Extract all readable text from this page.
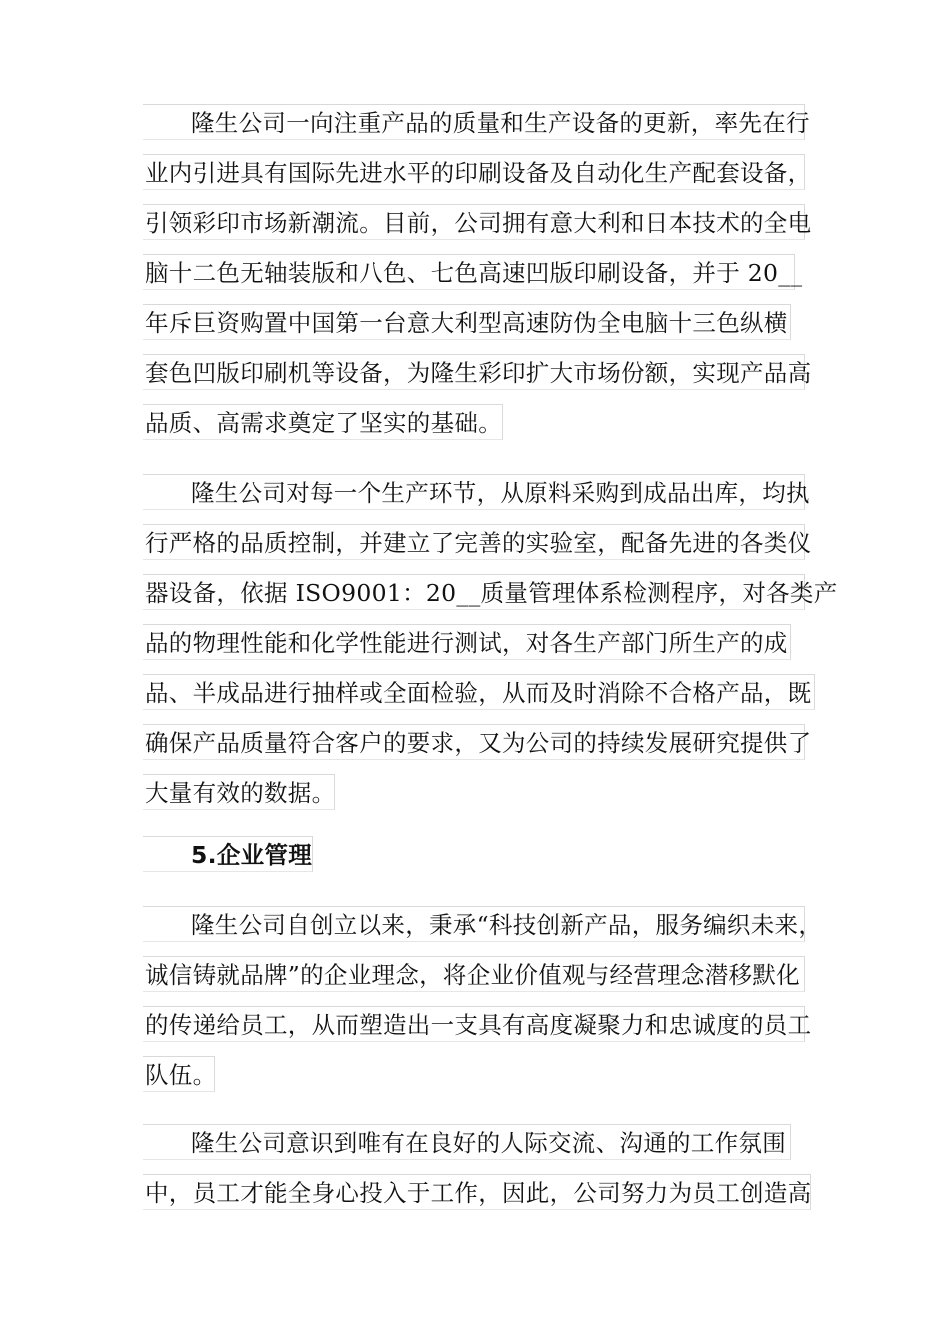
隆生公司一向注重产品的质量和生产设备的更新，率先在行
业内引进具有国际先进水平的印刷设备及自动化生产配套设备，
引领彩印市场新潮流。目前，公司拥有意大利和日本技术的全电
脑十二色无轴装版和八色、七色高速凹版印刷设备，并于 20__
年斥巨资购置中国第一台意大利型高速防伪全电脑十三色纵横
套色凹版印刷机等设备，为隆生彩印扩大市场份额，实现产品高
品质、高需求奠定了坚实的基础。
隆生公司对每一个生产环节，从原料采购到成品出库，均执
行严格的品质控制，并建立了完善的实验室，配备先进的各类仪
器设备，依据 ISO9001：20__质量管理体系检测程序，对各类产
品的物理性能和化学性能进行测试，对各生产部门所生产的成
品、半成品进行抽样或全面检验，从而及时消除不合格产品，既
确保产品质量符合客户的要求，又为公司的持续发展研究提供了
大量有效的数据。
5.企业管理
隆生公司自创立以来，秉承“科技创新产品，服务编织未来，
诚信铸就品牌”的企业理念，将企业价值观与经营理念潜移默化
的传递给员工，从而塑造出一支具有高度凝聚力和忠诚度的员工
队伍。
隆生公司意识到唯有在良好的人际交流、沟通的工作氛围
中，员工才能全身心投入于工作，因此，公司努力为员工创造高
